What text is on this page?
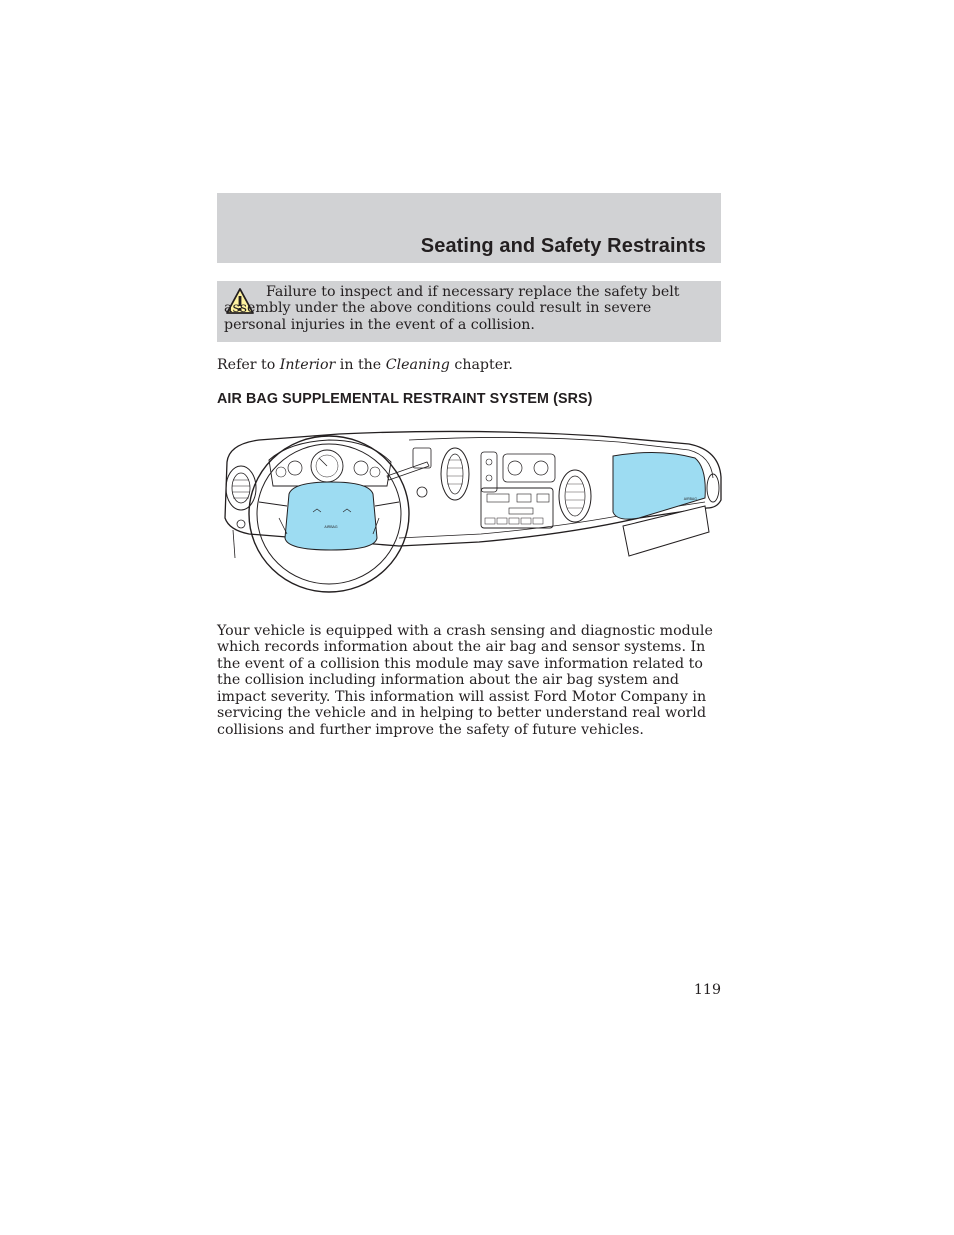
Seating and Safety Restraints

Failure to inspect and if necessary replace the safety belt assembly under the above conditions could result in severe personal injuries in the event of a collision.

Refer to Interior in the Cleaning chapter.

AIR BAG SUPPLEMENTAL RESTRAINT SYSTEM (SRS)
AIRBAG
AIRBAG

Your vehicle is equipped with a crash sensing and diagnostic module which records information about the air bag and sensor systems. In the event of a collision this module may save information related to the collision including information about the air bag system and impact severity. This information will assist Ford Motor Company in servicing the vehicle and in helping to better understand real world collisions and further improve the safety of future vehicles.

119
